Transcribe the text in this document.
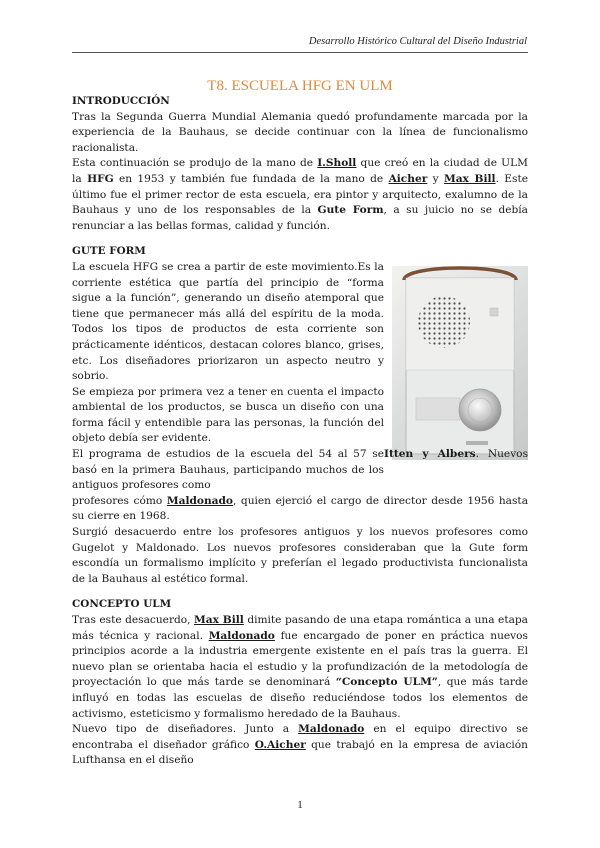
Desarrollo Histórico Cultural del Diseño Industrial
T8. ESCUELA HFG EN ULM

INTRODUCCIÓN

Tras la Segunda Guerra Mundial Alemania quedó profundamente marcada por la experiencia de la Bauhaus, se decide continuar con la línea de funcionalismo racionalista.

Esta continuación se produjo de la mano de I.Sholl que creó en la ciudad de ULM la HFG en 1953 y también fue fundada de la mano de Aicher y Max Bill. Este último fue el primer rector de esta escuela, era pintor y arquitecto, exalumno de la Bauhaus y uno de los responsables de la Gute Form, a su juicio no se debía renunciar a las bellas formas, calidad y función.

GUTE FORM

La escuela HFG se crea a partir de este movimiento.Es la corriente estética que partía del principio de “forma sigue a la función”, generando un diseño atemporal que tiene que permanecer más allá del espíritu de la moda. Todos los tipos de productos de esta corriente son prácticamente idénticos, destacan colores blanco, grises, etc. Los diseñadores priorizaron un aspecto neutro y sobrio.

Se empieza por primera vez a tener en cuenta el impacto ambiental de los productos, se busca un diseño con una forma fácil y entendible para las personas, la función del objeto debía ser evidente.

El programa de estudios de la escuela del 54 al 57 se basó en la primera Bauhaus, participando muchos de los antiguos profesores comoItten y Albers. Nuevos profesores cómo Maldonado, quien ejerció el cargo de director desde 1956 hasta su cierre en 1968.

Surgió desacuerdo entre los profesores antiguos y los nuevos profesores como Gugelot y Maldonado. Los nuevos profesores consideraban que la Gute form escondía un formalismo implícito y preferían el legado productivista funcionalista de la Bauhaus al estético formal.

CONCEPTO ULM

Tras este desacuerdo, Max Bill dimite pasando de una etapa romántica a una etapa más técnica y racional. Maldonado fue encargado de poner en práctica nuevos principios acorde a la industria emergente existente en el país tras la guerra. El nuevo plan se orientaba hacia el estudio y la profundización de la metodología de proyectación lo que más tarde se denominará “Concepto ULM”, que más tarde influyó en todas las escuelas de diseño reduciéndose todos los elementos de activismo, esteticismo y formalismo heredado de la Bauhaus.

Nuevo tipo de diseñadores. Junto a Maldonado en el equipo directivo se encontraba el diseñador gráfico O.Aicher que trabajó en la empresa de aviación Lufthansa en el diseño

1
